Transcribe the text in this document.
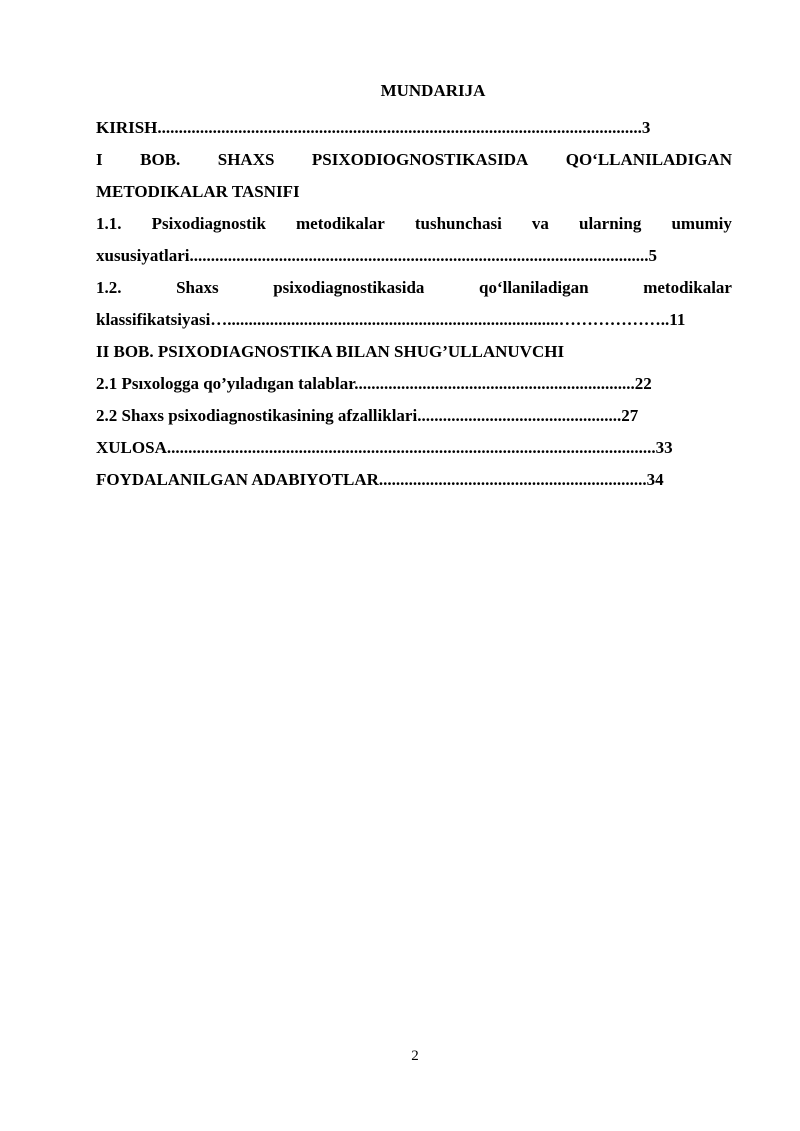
MUNDARIJA
KIRISH..................................................................................................................3
I BOB. SHAXS PSIXODIOGNOSTIKASIDA QO‘LLANILADIGAN
METODIKALAR TASNIFI
1.1. Psixodiagnostik metodikalar tushunchasi va ularning umumiy
xususiyatlari............................................................................................................5
1.2.	Shaxs	psixodiagnostikasida	qo‘llaniladigan	metodikalar
klassifikatsiyasi…..............................................................................………………..11
II BOB. PSIXODIAGNOSTIKA BILAN SHUG’ULLANUVCHI
2.1 Psıxologga qo’yıladıgan talablar..................................................................22
2.2 Shaxs psixodiagnostikasining afzalliklari................................................27
XULOSA...................................................................................................................33
FOYDALANILGAN ADABIYOTLAR...............................................................34
2
